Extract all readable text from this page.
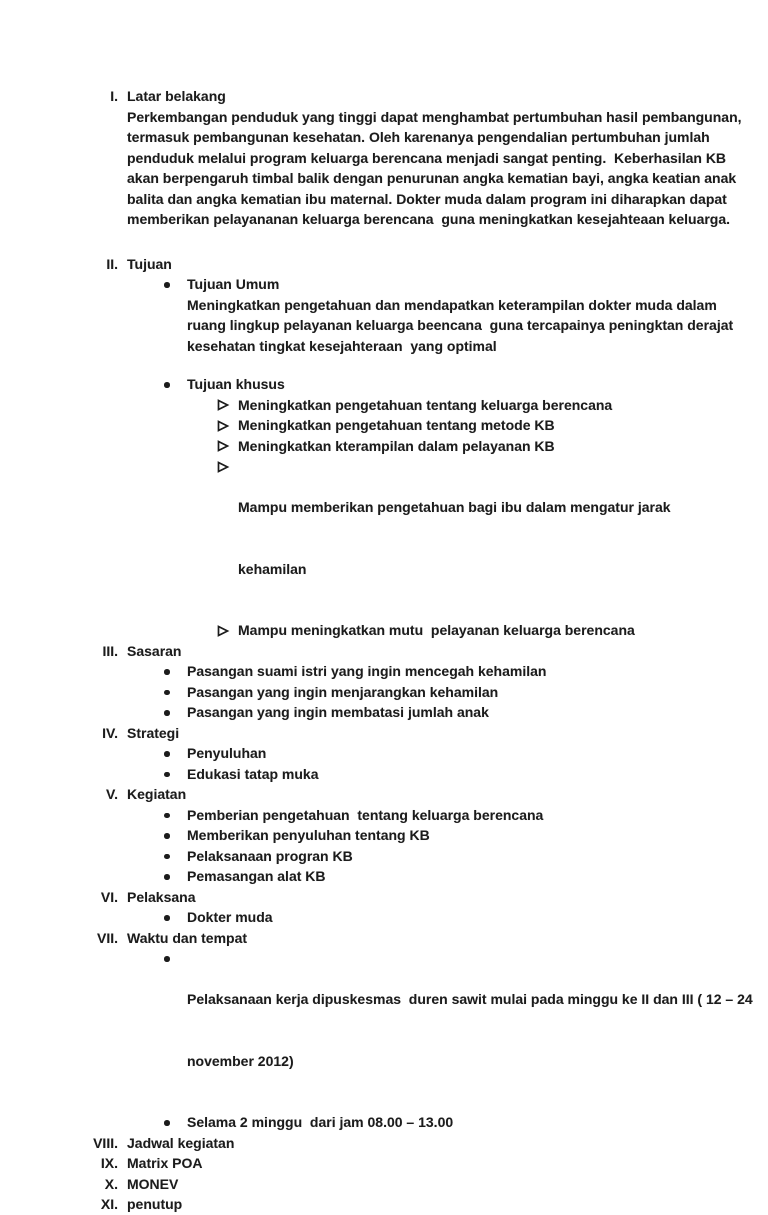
I. Latar belakang
Perkembangan penduduk yang tinggi dapat menghambat pertumbuhan hasil pembangunan,
termasuk pembangunan kesehatan. Oleh karenanya pengendalian pertumbuhan jumlah
penduduk melalui program keluarga berencana menjadi sangat penting.  Keberhasilan KB
akan berpengaruh timbal balik dengan penurunan angka kematian bayi, angka keatian anak
balita dan angka kematian ibu maternal. Dokter muda dalam program ini diharapkan dapat
memberikan pelayananan keluarga berencana  guna meningkatkan kesejahteaan keluarga.
II. Tujuan
Tujuan Umum
Meningkatkan pengetahuan dan mendapatkan keterampilan dokter muda dalam
ruang lingkup pelayanan keluarga beencana  guna tercapainya peningktan derajat
kesehatan tingkat kesejahteraan  yang optimal
Tujuan khusus
Meningkatkan pengetahuan tentang keluarga berencana
Meningkatkan pengetahuan tentang metode KB
Meningkatkan kterampilan dalam pelayanan KB

Mampu memberikan pengetahuan bagi ibu dalam mengatur jarak

kehamilan

Mampu meningkatkan mutu  pelayanan keluarga berencana
III. Sasaran
Pasangan suami istri yang ingin mencegah kehamilan
Pasangan yang ingin menjarangkan kehamilan
Pasangan yang ingin membatasi jumlah anak
IV. Strategi
Penyuluhan
Edukasi tatap muka
V. Kegiatan
Pemberian pengetahuan  tentang keluarga berencana
Memberikan penyuluhan tentang KB
Pelaksanaan progran KB
Pemasangan alat KB
VI. Pelaksana
Dokter muda
VII. Waktu dan tempat

Pelaksanaan kerja dipuskesmas  duren sawit mulai pada minggu ke II dan III ( 12 – 24

november 2012)

Selama 2 minggu  dari jam 08.00 – 13.00
VIII. Jadwal kegiatan
IX. Matrix POA
X. MONEV
XI. penutup
